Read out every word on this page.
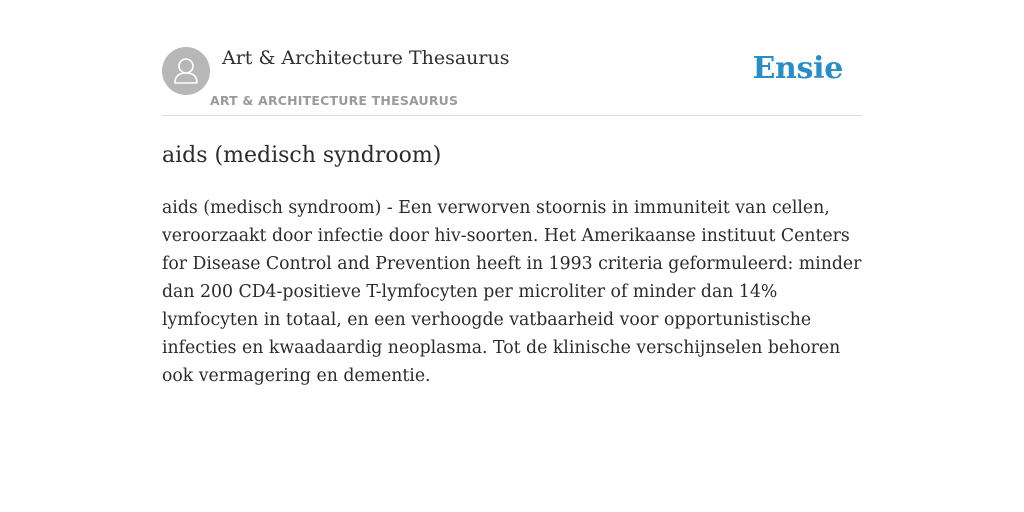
Art & Architecture Thesaurus
ART & ARCHITECTURE THESAURUS
Ensie
aids (medisch syndroom)

aids (medisch syndroom) - Een verworven stoornis in immuniteit van cellen, veroorzaakt door infectie door hiv-soorten. Het Amerikaanse instituut Centers for Disease Control and Prevention heeft in 1993 criteria geformuleerd: minder dan 200 CD4-positieve T-lymfocyten per microliter of minder dan 14% lymfocyten in totaal, en een verhoogde vatbaarheid voor opportunistische infecties en kwaadaardig neoplasma. Tot de klinische verschijnselen behoren ook vermagering en dementie.
